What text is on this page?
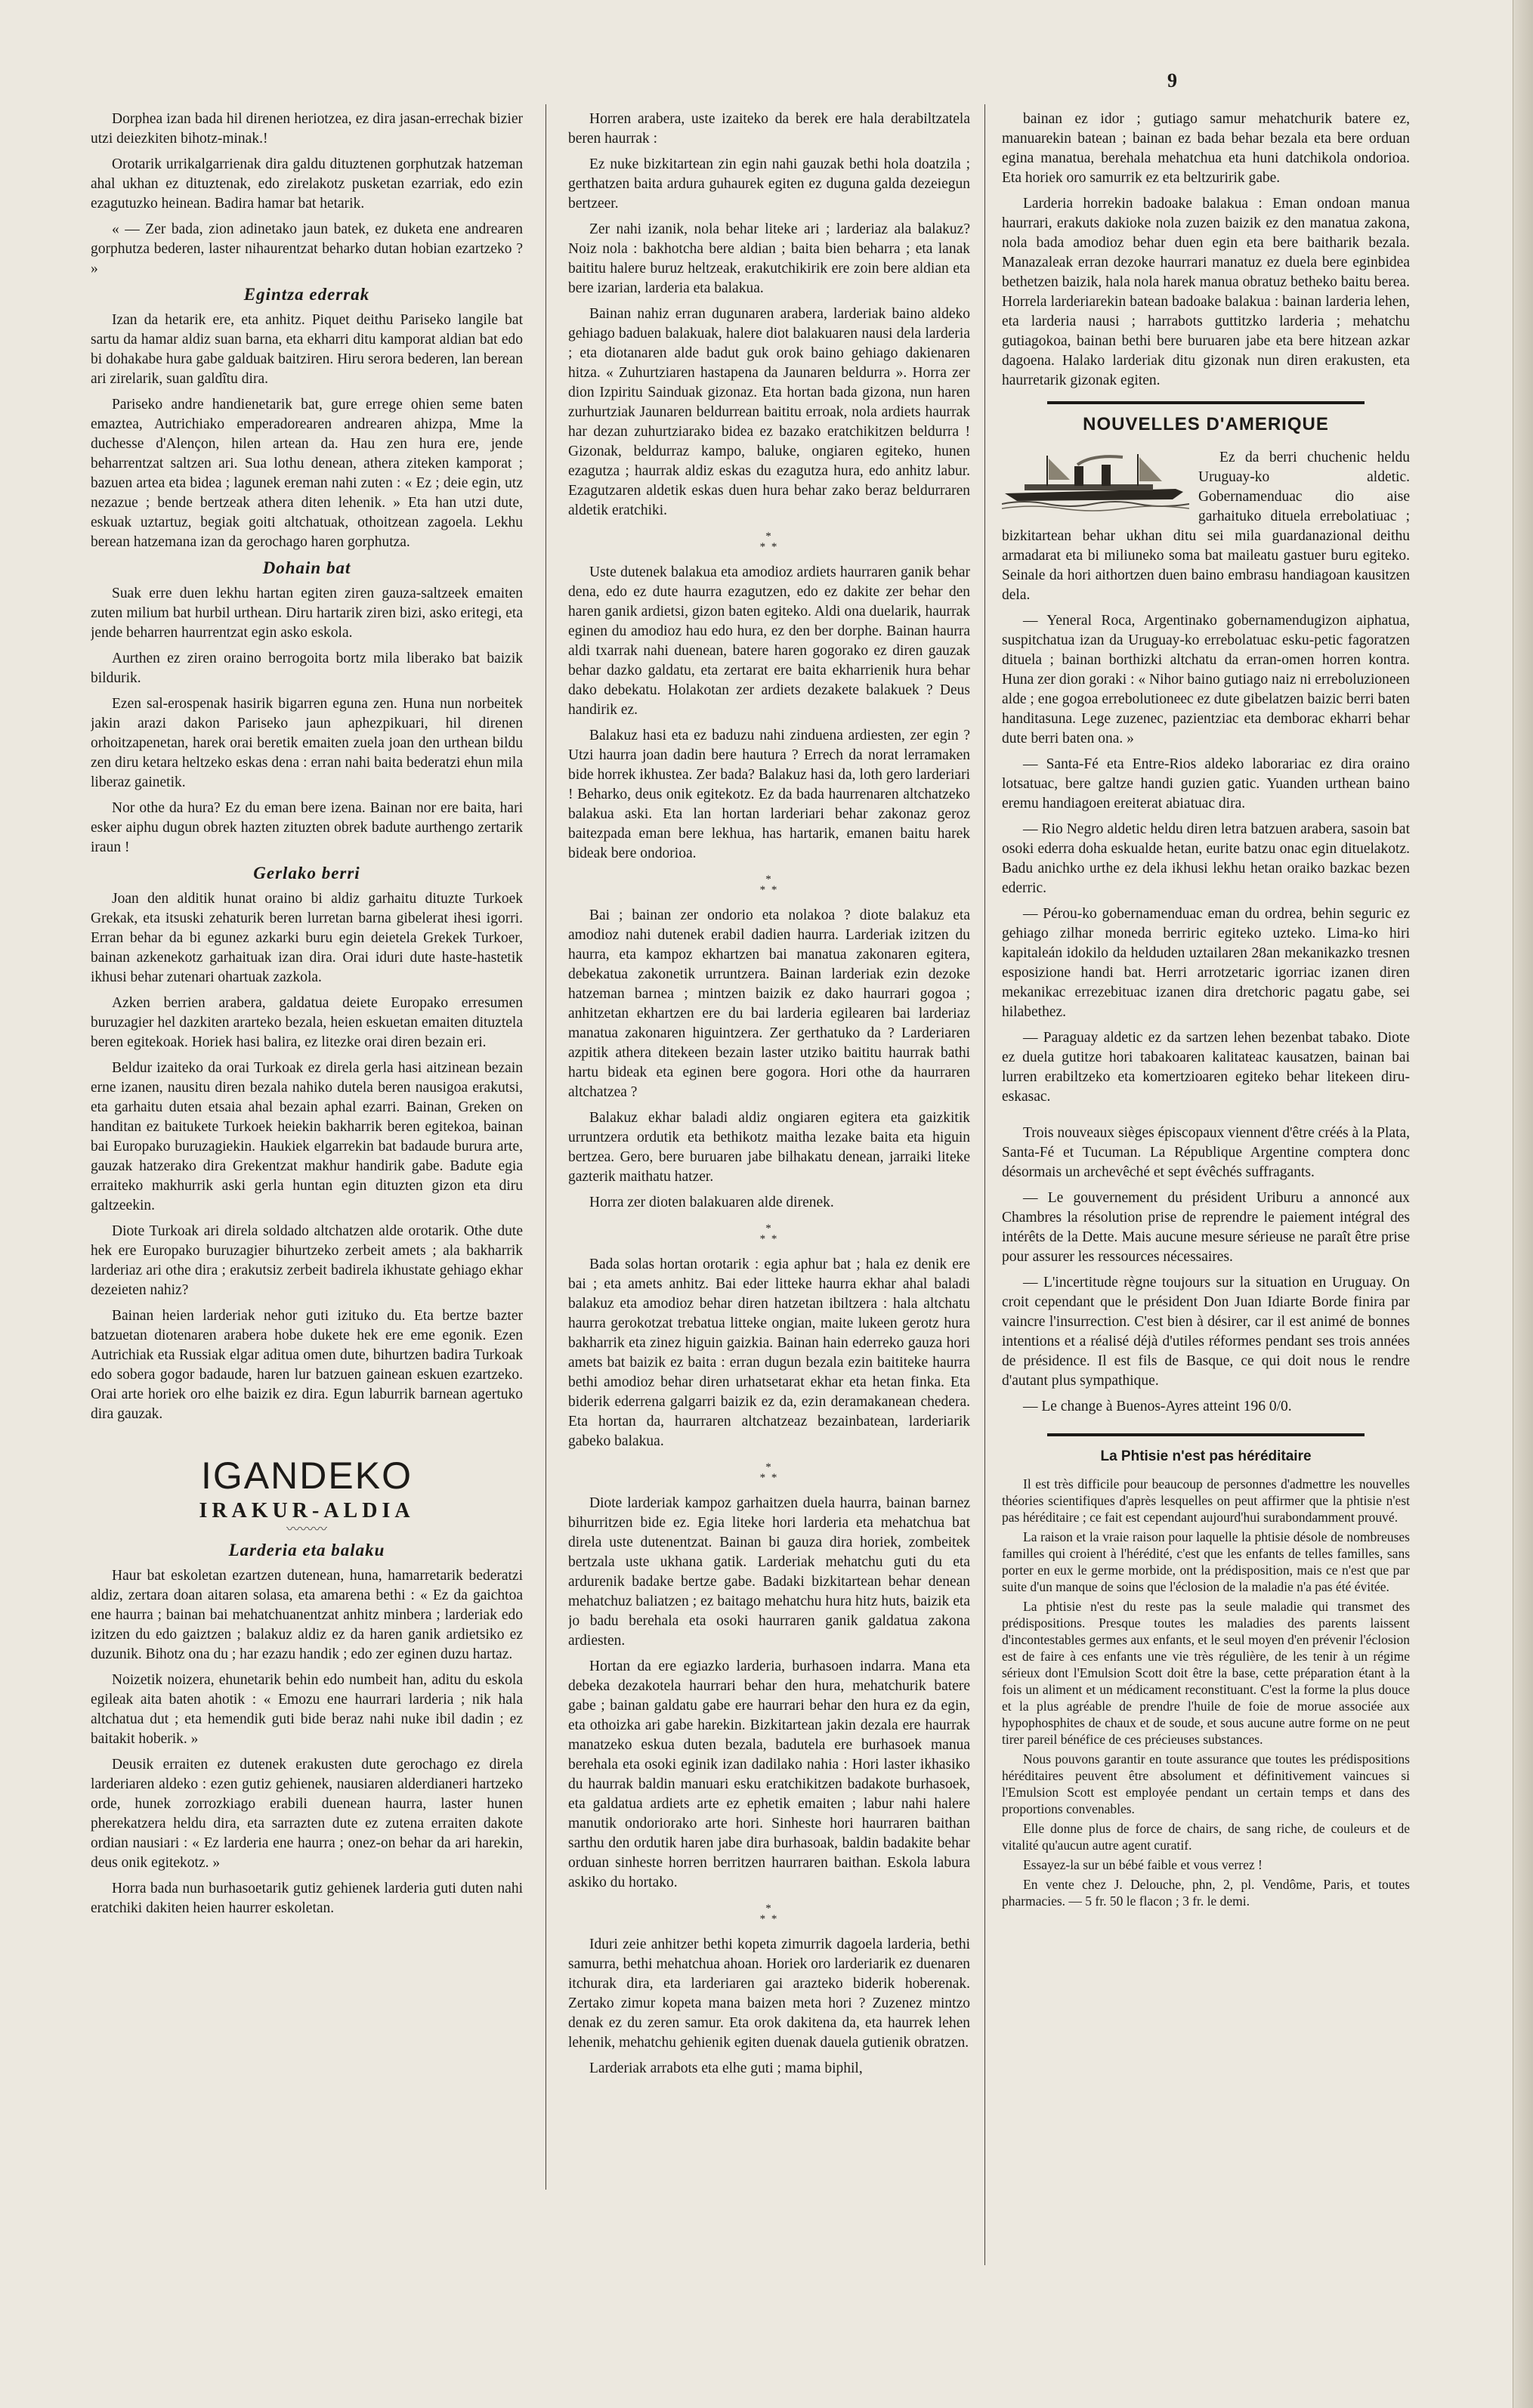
9

Dorphea izan bada hil direnen heriotzea, ez dira jasan-errechak bizier utzi deiezkiten bihotz-minak.!

Orotarik urrikalgarrienak dira galdu dituztenen gorphutzak hatzeman ahal ukhan ez dituztenak, edo zirelakotz pusketan ezarriak, edo ezin ezagutuzko heinean. Badira hamar bat hetarik.

« — Zer bada, zion adinetako jaun batek, ez duketa ene andrearen gorphutza bederen, laster nihaurentzat beharko dutan hobian ezartzeko ? »

Egintza ederrak

Izan da hetarik ere, eta anhitz. Piquet deithu Pariseko langile bat sartu da hamar aldiz suan barna, eta ekharri ditu kamporat aldian bat edo bi dohakabe hura gabe galduak baitziren. Hiru serora bederen, lan berean ari zirelarik, suan galdîtu dira.

Pariseko andre handienetarik bat, gure errege ohien seme baten emaztea, Autrichiako emperadorearen andrearen ahizpa, Mme la duchesse d'Alençon, hilen artean da. Hau zen hura ere, jende beharrentzat saltzen ari. Sua lothu denean, athera ziteken kamporat ; bazuen artea eta bidea ; lagunek ereman nahi zuten : « Ez ; deie egin, utz nezazue ; bende bertzeak athera diten lehenik. » Eta han utzi dute, eskuak uztartuz, begiak goiti altchatuak, othoitzean zagoela. Lekhu berean hatzemana izan da gerochago haren gorphutza.

Dohain bat

Suak erre duen lekhu hartan egiten ziren gauza-saltzeek emaiten zuten milium bat hurbil urthean. Diru hartarik ziren bizi, asko eritegi, eta jende beharren haurrentzat egin asko eskola.

Aurthen ez ziren oraino berrogoita bortz mila liberako bat baizik bildurik.

Ezen sal-erospenak hasirik bigarren eguna zen. Huna nun norbeitek jakin arazi dakon Pariseko jaun aphezpikuari, hil direnen orhoitzapenetan, harek orai beretik emaiten zuela joan den urthean bildu zen diru ketara heltzeko eskas dena : erran nahi baita bederatzi ehun mila liberaz gainetik.

Nor othe da hura? Ez du eman bere izena. Bainan nor ere baita, hari esker aiphu dugun obrek hazten zituzten obrek badute aurthengo zertarik iraun !

Gerlako berri

Joan den alditik hunat oraino bi aldiz garhaitu dituzte Turkoek Grekak, eta itsuski zehaturik beren lurretan barna gibelerat ihesi igorri. Erran behar da bi egunez azkarki buru egin deietela Grekek Turkoer, bainan azkenekotz garhaituak izan dira. Orai iduri dute haste-hastetik ikhusi behar zutenari ohartuak zazkola.

Azken berrien arabera, galdatua deiete Europako erresumen buruzagier hel dazkiten ararteko bezala, heien eskuetan emaiten dituztela beren egitekoak. Horiek hasi balira, ez litezke orai diren bezain eri.

Beldur izaiteko da orai Turkoak ez direla gerla hasi aitzinean bezain erne izanen, nausitu diren bezala nahiko dutela beren nausigoa erakutsi, eta garhaitu duten etsaia ahal bezain aphal ezarri. Bainan, Greken on handitan ez baitukete Turkoek heiekin bakharrik beren egitekoa, bainan bai Europako buruzagiekin. Haukiek elgarrekin bat badaude burura arte, gauzak hatzerako dira Grekentzat makhur handirik gabe. Badute egia erraiteko makhurrik aski gerla huntan egin dituzten gizon eta diru galtzeekin.

Diote Turkoak ari direla soldado altchatzen alde orotarik. Othe dute hek ere Europako buruzagier bihurtzeko zerbeit amets ; ala bakharrik larderiaz ari othe dira ; erakutsiz zerbeit badirela ikhustate gehiago ekhar dezeieten nahiz?

Bainan heien larderiak nehor guti izituko du. Eta bertze bazter batzuetan diotenaren arabera hobe dukete hek ere eme egonik. Ezen Autrichiak eta Russiak elgar aditua omen dute, bihurtzen badira Turkoak edo sobera gogor badaude, haren lur batzuen gainean eskuen ezartzeko. Orai arte horiek oro elhe baizik ez dira. Egun laburrik barnean agertuko dira gauzak.

IGANDEKO
IRAKUR-ALDIA
〰〰〰
Larderia eta balaku

Haur bat eskoletan ezartzen dutenean, huna, hamarretarik bederatzi aldiz, zertara doan aitaren solasa, eta amarena bethi : « Ez da gaichtoa ene haurra ; bainan bai mehatchuanentzat anhitz minbera ; larderiak edo izitzen du edo gaiztzen ; balakuz aldiz ez da haren ganik ardietsiko ez duzunik. Bihotz ona du ; har ezazu handik ; edo zer eginen duzu hartaz.

Noizetik noizera, ehunetarik behin edo numbeit han, aditu du eskola egileak aita baten ahotik : « Emozu ene haurrari larderia ; nik hala altchatua dut ; eta hemendik guti bide beraz nahi nuke ibil dadin ; ez baitakit hoberik. »

Deusik erraiten ez dutenek erakusten dute gerochago ez direla larderiaren aldeko : ezen gutiz gehienek, nausiaren alderdianeri hartzeko orde, hunek zorrozkiago erabili duenean haurra, laster hunen pherekatzera heldu dira, eta sarrazten dute ez zutena erraiten dakote ordian nausiari : « Ez larderia ene haurra ; onez-on behar da ari harekin, deus onik egitekotz. »

Horra bada nun burhasoetarik gutiz gehienek larderia guti duten nahi eratchiki dakiten heien haurrer eskoletan.

Horren arabera, uste izaiteko da berek ere hala derabiltzatela beren haurrak :

Ez nuke bizkitartean zin egin nahi gauzak bethi hola doatzila ; gerthatzen baita ardura guhaurek egiten ez duguna galda dezeiegun bertzeer.

Zer nahi izanik, nola behar liteke ari ; larderiaz ala balakuz? Noiz nola : bakhotcha bere aldian ; baita bien beharra ; eta lanak baititu halere buruz heltzeak, erakutchikirik ere zoin bere aldian eta bere izarian, larderia eta balakua.

Bainan nahiz erran dugunaren arabera, larderiak baino aldeko gehiago baduen balakuak, halere diot balakuaren nausi dela larderia ; eta diotanaren alde badut guk orok baino gehiago dakienaren hitza. « Zuhurtziaren hastapena da Jaunaren beldurra ». Horra zer dion Izpiritu Sainduak gizonaz. Eta hortan bada gizona, nun haren zurhurtziak Jaunaren beldurrean baititu erroak, nola ardiets haurrak har dezan zuhurtziarako bidea ez bazako eratchikitzen beldurra ! Gizonak, beldurraz kampo, balukе, ongiaren egiteko, hunen ezagutza ; haurrak aldiz eskas du ezagutza hura, edo anhitz labur. Ezagutzaren aldetik eskas duen hura behar zako beraz beldurraren aldetik eratchiki.

*
* *

Uste dutenek balakua eta amodioz ardiets haurraren ganik behar dena, edo ez dute haurra ezagutzen, edo ez dakite zer behar den haren ganik ardietsi, gizon baten egiteko. Aldi ona duelarik, haurrak eginen du amodioz hau edo hura, ez den ber dorphe. Bainan haurra aldi txarrak nahi duenean, batere haren gogorako ez diren gauzak behar dazko galdatu, eta zertarat ere baita ekharrienik hura behar dako debekatu. Holakotan zer ardiets dezakete balakuek ? Deus handirik ez.

Balakuz hasi eta ez baduzu nahi zinduena ardiesten, zer egin ? Utzi haurra joan dadin bere hautura ? Errech da norat lerramaken bide horrek ikhustea. Zer bada? Balakuz hasi da, loth gero larderiari ! Beharko, deus onik egitekotz. Ez da bada haurrenaren altchatzeko balakua aski. Eta lan hortan larderiari behar zakonaz geroz baitezpada eman bere lekhua, has hartarik, emanen baitu harek bideak bere ondorioa.

*
* *

Bai ; bainan zer ondorio eta nolakoa ? diote balakuz eta amodioz nahi dutenek erabil dadien haurra. Larderiak izitzen du haurra, eta kampoz ekhartzen bai manatua zakonaren egitera, debekatua zakonetik urruntzera. Bainan larderiak ezin dezoke hatzeman barnea ; mintzen baizik ez dako haurrari gogoa ; anhitzetan ekhartzen ere du bai larderia egilearen bai larderiaz manatua zakonaren higuintzera. Zer gerthatuko da ? Larderiaren azpitik athera ditekeen bezain laster utziko baititu haurrak bathi hartu bideak eta eginen bere gogora. Hori othe da haurraren altchatzea ?

Balakuz ekhar baladi aldiz ongiaren egitera eta gaizkitik urruntzera ordutik eta bethikotz maitha lezake baita eta higuin bertzea. Gero, bere buruaren jabe bilhakatu denean, jarraiki liteke gazterik maithatu hatzer.

Horra zer dioten balakuaren alde direnek.

*
* *

Bada solas hortan orotarik : egia aphur bat ; hala ez denik ere bai ; eta amets anhitz. Bai eder litteke haurra ekhar ahal baladi balakuz eta amodioz behar diren hatzetan ibiltzera : hala altchatu haurra gerokotzat trebatua litteke ongian, maite lukeen gerotz hura bakharrik eta zinez higuin gaizkia. Bainan hain ederreko gauza hori amets bat baizik ez baita : erran dugun bezala ezin baititeke haurra bethi amodioz behar diren urhatsetarat ekhar eta hetan finka. Eta biderik ederrena galgarri baizik ez da, ezin deramakanean chedera. Eta hortan da, haurraren altchatzeaz bezainbatean, larderiarik gabeko balakua.

*
* *

Diote larderiak kampoz garhaitzen duela haurra, bainan barnez bihurritzen bide ez. Egia liteke hori larderia eta mehatchua bat direla uste dutenentzat. Bainan bi gauza dira horiek, zombeitek bertzala uste ukhana gatik. Larderiak mehatchu guti du eta ardurenik badake bertze gabe. Badaki bizkitartean behar denean mehatchuz baliatzen ; ez baitago mehatchu hura hitz huts, baizik eta jo badu berehala eta osoki haurraren ganik galdatua zakona ardiesten.

Hortan da ere egiazko larderia, burhasoen indarra. Mana eta debeka dezakotela haurrari behar den hura, mehatchurik batere gabe ; bainan galdatu gabe ere haurrari behar den hura ez da egin, eta othoizka ari gabe harekin. Bizkitartean jakin dezala ere haurrak manatzeko eskua duten bezala, badutela ere burhasoek manua berehala eta osoki eginik izan dadilako nahia : Hori laster ikhasiko du haurrak baldin manuari esku eratchikitzen badakote burhasoek, eta galdatua ardiets arte ez ephetik emaiten ; labur nahi halere manutik ondoriorako arte hori. Sinheste hori haurraren baithan sarthu den ordutik haren jabe dira burhasoak, baldin badakite behar orduan sinheste horren berritzen haurraren baithan. Eskola labura askiko du hortako.

*
* *

Iduri zeie anhitzer bethi kopeta zimurrik dagoela larderia, bethi samurra, bethi mehatchua ahoan. Horiek oro larderiarik ez duenaren itchurak dira, eta larderiaren gai arazteko biderik hoberenak. Zertako zimur kopeta mana baizen meta hori ? Zuzenez mintzo denak ez du zeren samur. Eta orok dakitena da, eta haurrek lehen lehenik, mehatchu gehienik egiten duenak dauela gutienik obratzen.

Larderiak arrabots eta elhe guti ; mama biphil,

bainan ez idor ; gutiago samur mehatchurik batere ez, manuarekin batean ; bainan ez bada behar bezala eta bere orduan egina manatua, berehala mehatchua eta huni datchikola ondorioa. Eta horiek oro samurrik ez eta beltzuririk gabe.

Larderia horrekin badoake balakua : Eman ondoan manua haurrari, erakuts dakioke nola zuzen baizik ez den manatua zakona, nola bada amodioz behar duen egin eta bere baitharik bezala. Manazaleak erran dezoke haurrari manatuz ez duela bere eginbidea bethetzen baizik, hala nola harek manua obratuz betheko baitu berea. Horrela larderiarekin batean badoake balakua : bainan larderia lehen, eta larderia nausi ; harrabots guttitzko larderia ; mehatchu gutiagokoa, bainan bethi bere buruaren jabe eta bere hitzean azkar dagoena. Halako larderiak ditu gizonak nun diren erakusten, eta haurretarik gizonak egiten.

NOUVELLES D'AMERIQUE

Ez da berri chuchenic heldu Uruguay-ko aldetic. Gobernamenduac dio aise garhaituko dituela errebolatiuac ; bizkitartean behar ukhan ditu sei mila guardanazional deithu armadarat eta bi miliuneko soma bat maileatu gastuer buru egiteko. Seinale da hori aithortzen duen baino embrasu handiagoan kausitzen dela.

— Yeneral Roca, Argentinako gobernamendugizon aiphatua, suspitchatua izan da Uruguay-ko errebolatuac esku-petic fagoratzen dituela ; bainan borthizki altchatu da erran-omen horren kontra. Huna zer dion goraki : « Nihor baino gutiago naiz ni erreboluzioneen alde ; ene gogoa errebolutioneec ez dute gibelatzen baizic berri baten handitasuna. Lege zuzenec, pazientziac eta demborac ekharri behar dute berri baten ona. »

— Santa-Fé eta Entre-Rios aldeko laborariac ez dira oraino lotsatuac, bere galtze handi guzien gatic. Yuanden urthean baino eremu handiagoen ereiterat abiatuac dira.

— Rio Negro aldetic heldu diren letra batzuen arabera, sasoin bat osoki ederra doha eskualde hetan, eurite batzu onac egin dituelakotz. Badu anichko urthe ez dela ikhusi lekhu hetan oraiko bazkac bezen ederric.

— Pérou-ko gobernamenduac eman du ordrea, behin seguric ez gehiago zilhar moneda berriric egiteko uzteko. Lima-ko hiri kapitaleán idokilo da helduden uztailaren 28an mekanikazko tresnen esposizione handi bat. Herri arrotzetaric igorriac izanen diren mekanikac errezebituac izanen dira dretchoric pagatu gabe, sei hilabethez.

— Paraguay aldetic ez da sartzen lehen bezenbat tabako. Diote ez duela gutitze hori tabakoaren kalitateac kausatzen, bainan bai lurren erabiltzeko eta komertzioaren egiteko behar litekeen diru-eskasac.

Trois nouveaux sièges épiscopaux viennent d'être créés à la Plata, Santa-Fé et Tucuman. La République Argentine comptera donc désormais un archevêché et sept évêchés suffragants.

— Le gouvernement du président Uriburu a annoncé aux Chambres la résolution prise de reprendre le paiement intégral des intérêts de la Dette. Mais aucune mesure sérieuse ne paraît être prise pour assurer les ressources nécessaires.

— L'incertitude règne toujours sur la situation en Uruguay. On croit cependant que le président Don Juan Idiarte Borde finira par vaincre l'insurrection. C'est bien à désirer, car il est animé de bonnes intentions et a réalisé déjà d'utiles réformes pendant ses trois années de présidence. Il est fils de Basque, ce qui doit nous le rendre d'autant plus sympathique.

— Le change à Buenos-Ayres atteint 196 0/0.

La Phtisie n'est pas héréditaire

Il est très difficile pour beaucoup de personnes d'admettre les nouvelles théories scientifiques d'après lesquelles on peut affirmer que la phtisie n'est pas héréditaire ; ce fait est cependant aujourd'hui surabondamment prouvé.

La raison et la vraie raison pour laquelle la phtisie désole de nombreuses familles qui croient à l'hérédité, c'est que les enfants de telles familles, sans porter en eux le germe morbide, ont la prédisposition, mais ce n'est que par suite d'un manque de soins que l'éclosion de la maladie n'a pas été évitée.

La phtisie n'est du reste pas la seule maladie qui transmet des prédispositions. Presque toutes les maladies des parents laissent d'incontestables germes aux enfants, et le seul moyen d'en prévenir l'éclosion est de faire à ces enfants une vie très régulière, de les tenir à un régime sérieux dont l'Emulsion Scott doit être la base, cette préparation étant à la fois un aliment et un médicament reconstituant. C'est la forme la plus douce et la plus agréable de prendre l'huile de foie de morue associée aux hypophosphites de chaux et de soude, et sous aucune autre forme on ne peut tirer pareil bénéfice de ces précieuses substances.

Nous pouvons garantir en toute assurance que toutes les prédispositions héréditaires peuvent être absolument et définitivement vaincues si l'Emulsion Scott est employée pendant un certain temps et dans des proportions convenables.

Elle donne plus de force de chairs, de sang riche, de couleurs et de vitalité qu'aucun autre agent curatif.

Essayez-la sur un bébé faible et vous verrez !

En vente chez J. Delouche, phn, 2, pl. Vendôme, Paris, et toutes pharmacies. — 5 fr. 50 le flacon ; 3 fr. le demi.
